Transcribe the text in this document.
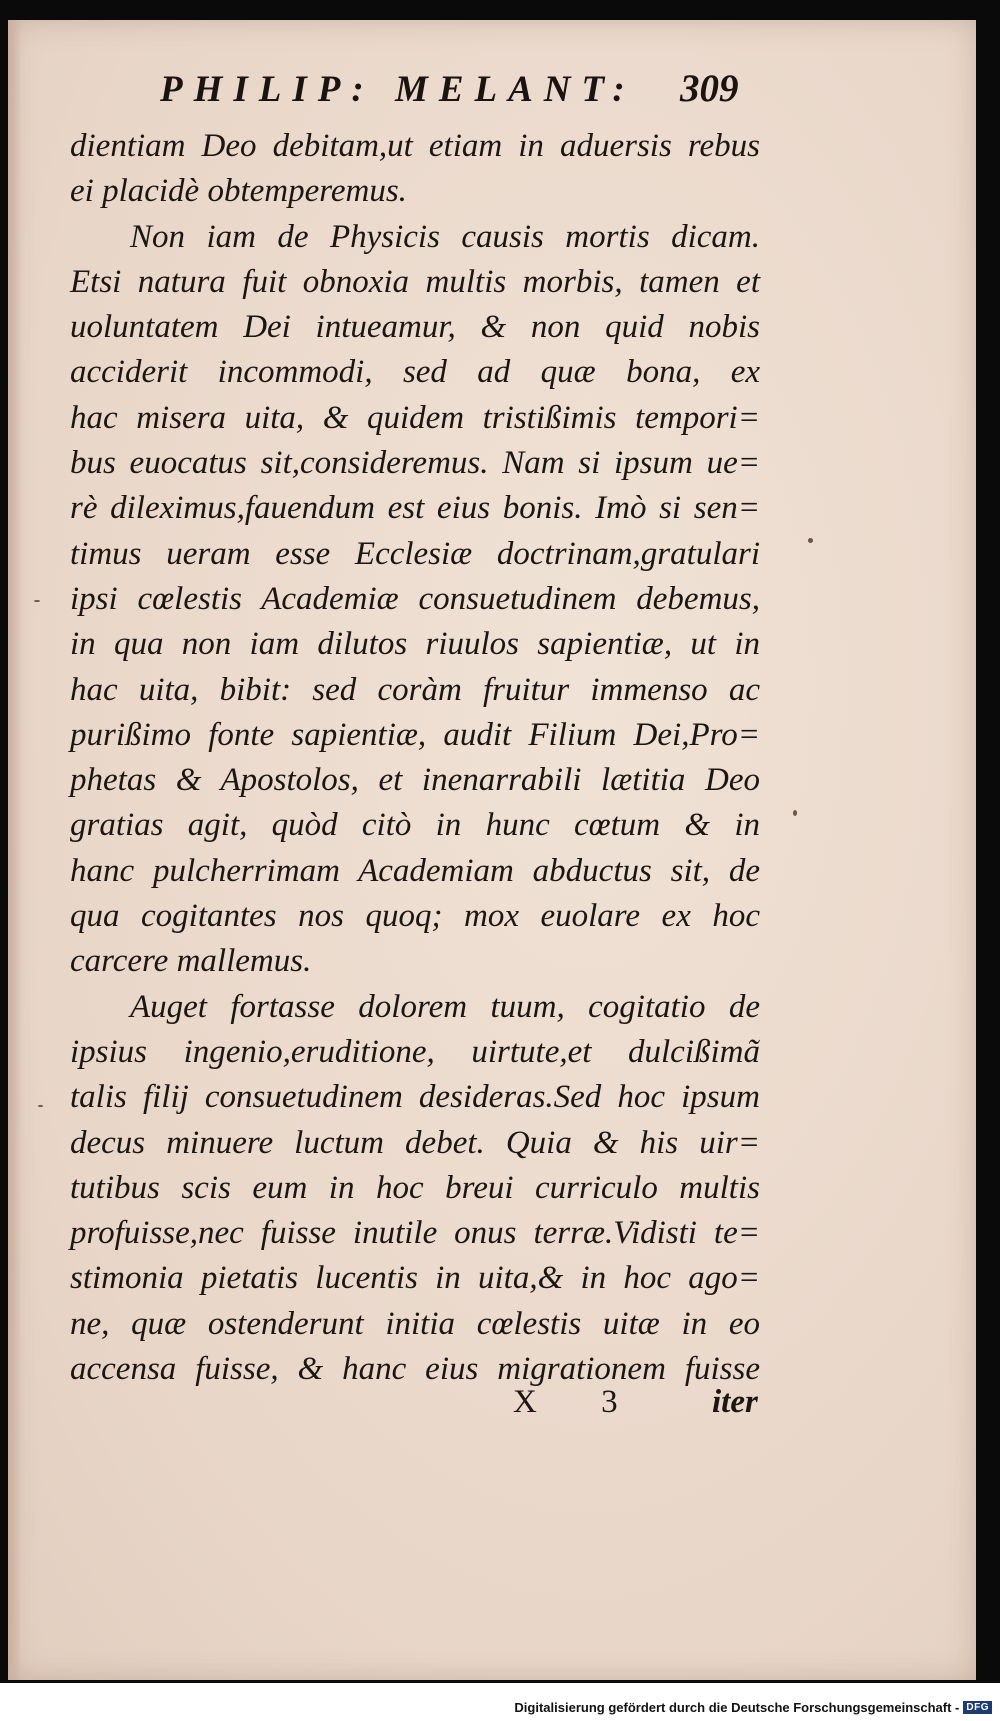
PHILIP: MELANT: 309
dientiam Deo debitam,ut etiam in aduersis rebus
ei placidè obtemperemus.
Non iam de Physicis causis mortis dicam.
Etsi natura fuit obnoxia multis morbis, tamen et
uoluntatem Dei intueamur, & non quid nobis
acciderit incommodi, sed ad quæ bona, ex
hac misera uita, & quidem tristißimis tempori=
bus euocatus sit,consideremus. Nam si ipsum ue=
rè dileximus,fauendum est eius bonis. Imò si sen=
timus ueram esse Ecclesiæ doctrinam,gratulari
ipsi cœlestis Academiæ consuetudinem debemus,
in qua non iam dilutos riuulos sapientiæ, ut in
hac uita, bibit: sed coràm fruitur immenso ac
purißimo fonte sapientiæ, audit Filium Dei,Pro=
phetas & Apostolos, et inenarrabili lætitia Deo
gratias agit, quòd citò in hunc cœtum & in
hanc pulcherrimam Academiam abductus sit, de
qua cogitantes nos quoq; mox euolare ex hoc
carcere mallemus.
Auget fortasse dolorem tuum, cogitatio de
ipsius ingenio,eruditione, uirtute,et dulcißimã
talis filij consuetudinem desideras.Sed hoc ipsum
decus minuere luctum debet. Quia & his uir=
tutibus scis eum in hoc breui curriculo multis
profuisse,nec fuisse inutile onus terræ.Vidisti te=
stimonia pietatis lucentis in uita,& in hoc ago=
ne, quæ ostenderunt initia cœlestis uitæ in eo
accensa fuisse, & hanc eius migrationem fuisse
X 3 iter
Digitalisierung gefördert durch die Deutsche Forschungsgemeinschaft - DFG
